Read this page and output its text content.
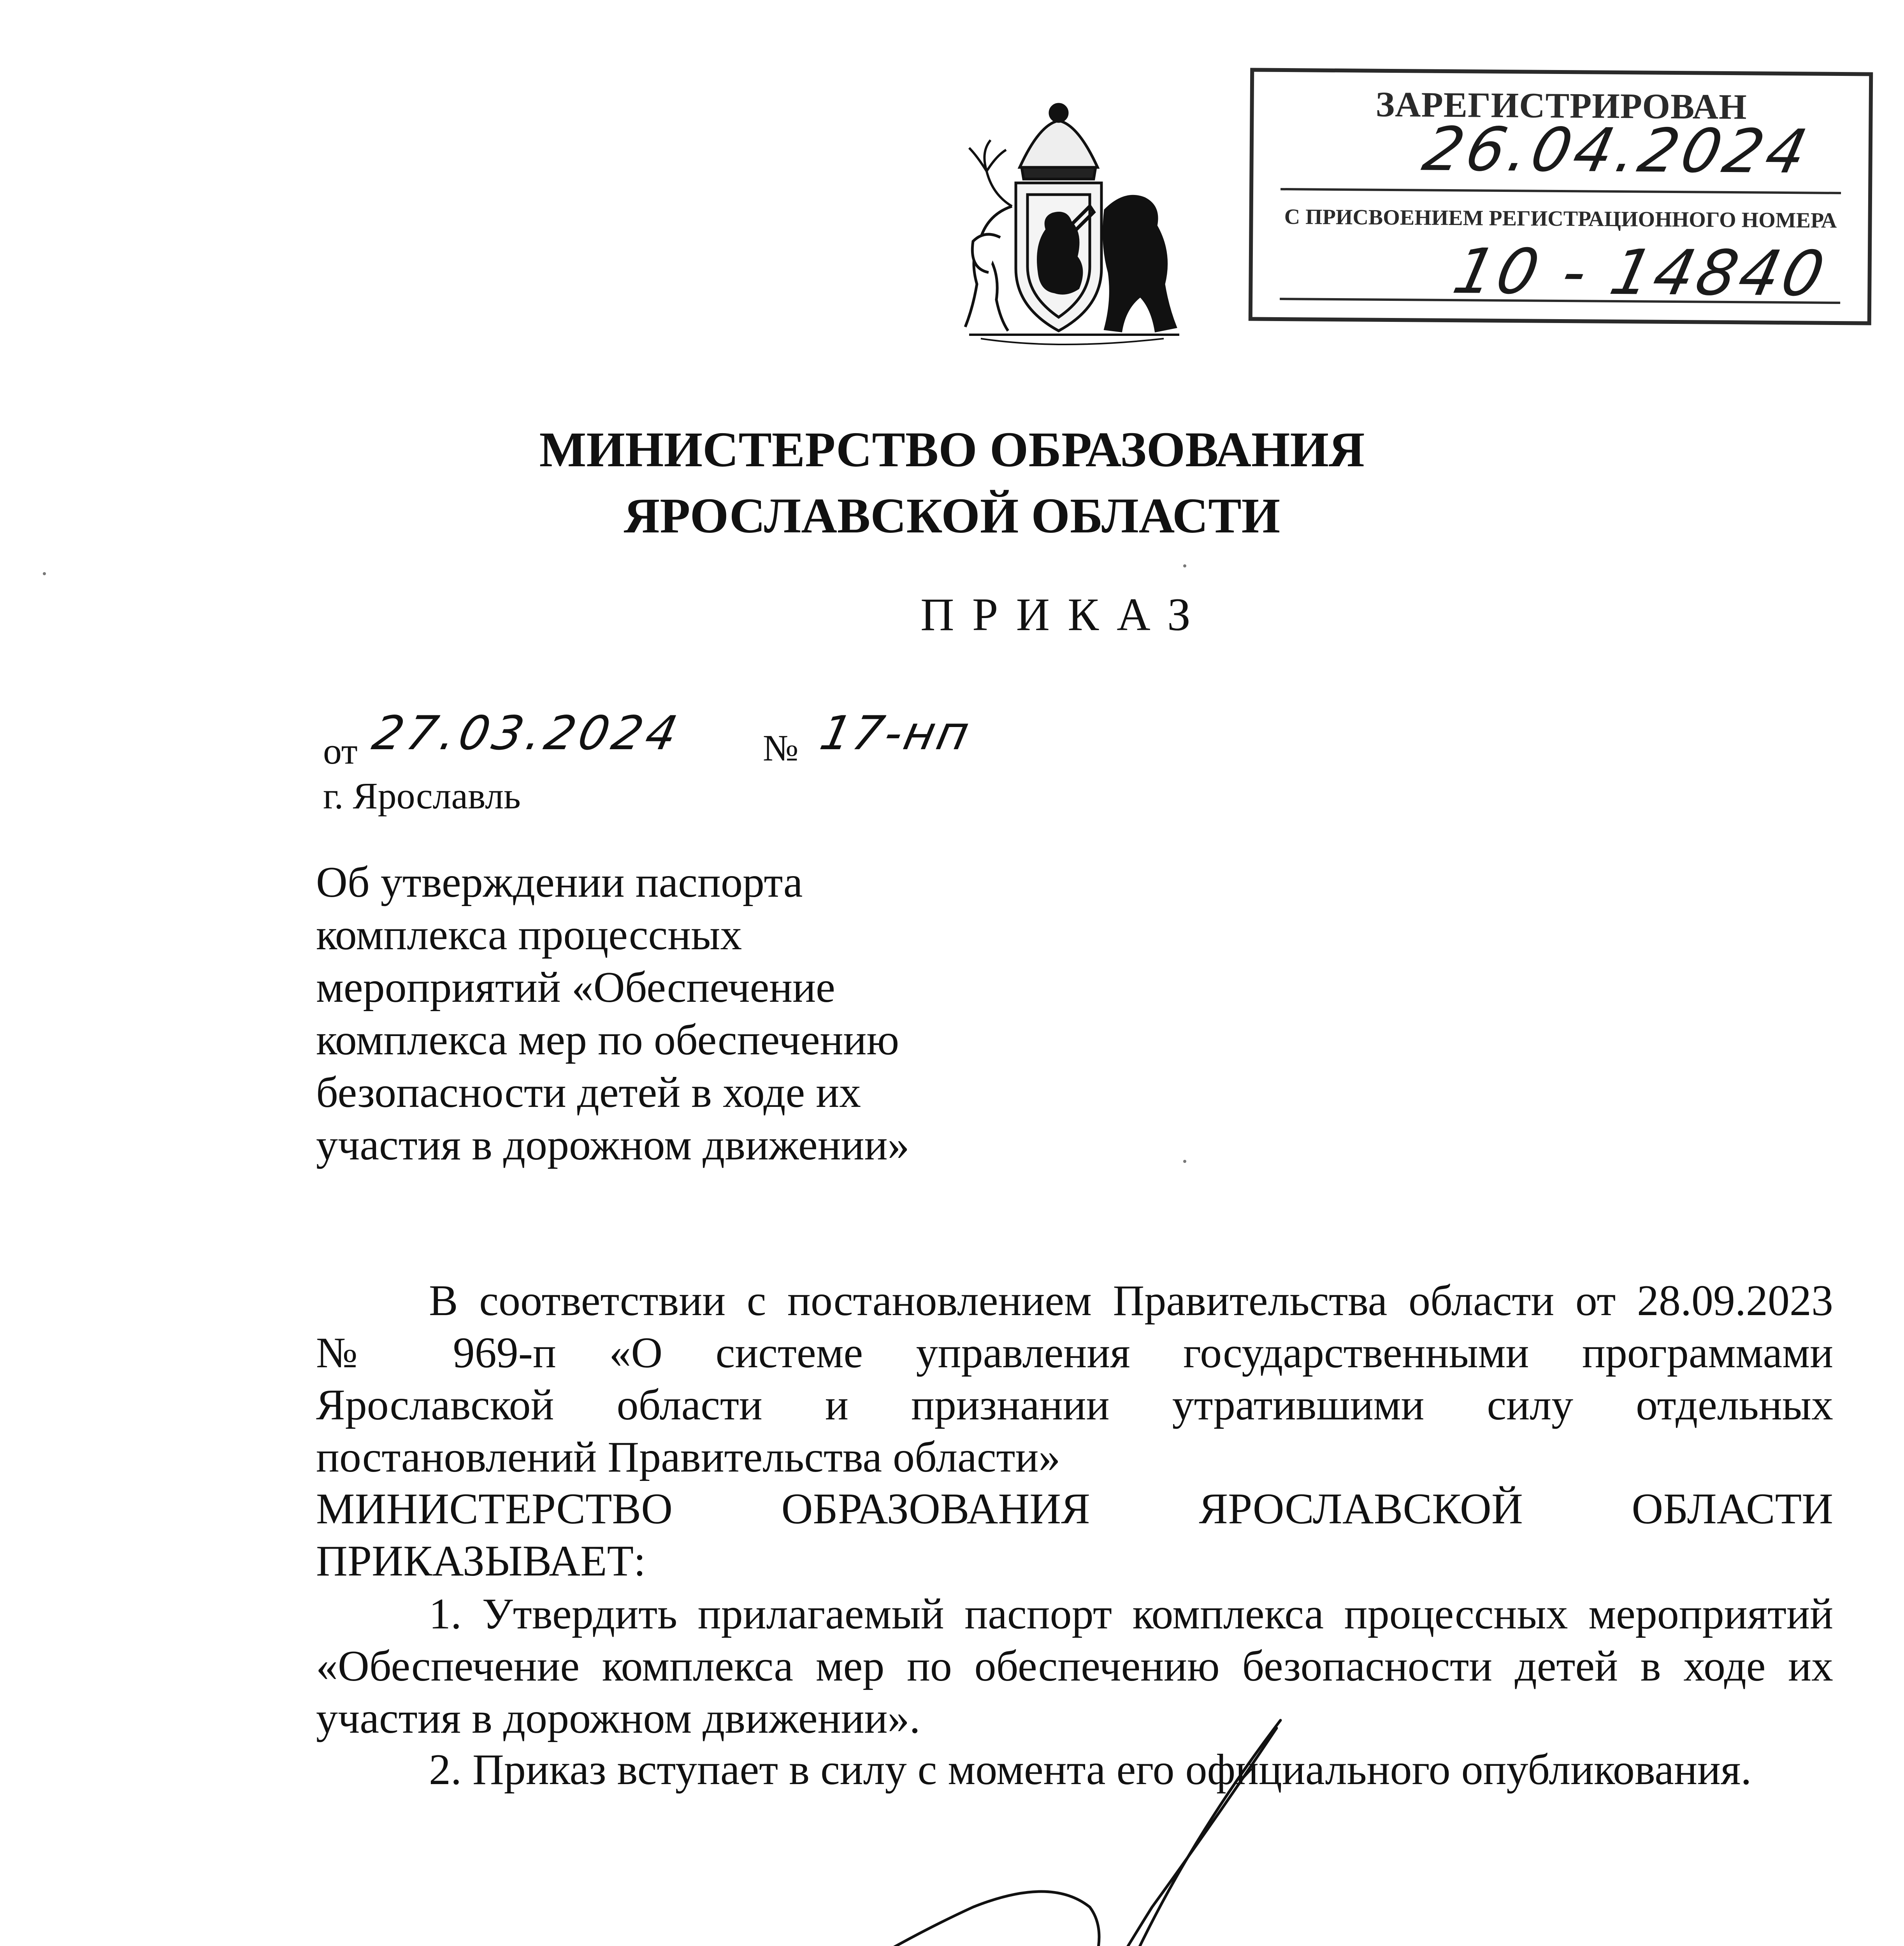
ЗАРЕГИСТРИРОВАН
26.04.2024
С ПРИСВОЕНИЕМ РЕГИСТРАЦИОННОГО НОМЕРА
10 - 14840
МИНИСТЕРСТВО ОБРАЗОВАНИЯ
ЯРОСЛАВСКОЙ ОБЛАСТИ
ПРИКАЗ
от 27.03.2024 № 17-нп
г. Ярославль
Об утверждении паспорта
комплекса процессных
мероприятий «Обеспечение
комплекса мер по обеспечению
безопасности детей в ходе их
участия в дорожном движении»
В соответствии с постановлением Правительства области от 28.09.2023
№ 969-п «О системе управления государственными программами
Ярославской области и признании утратившими силу отдельных
постановлений Правительства области»
МИНИСТЕРСТВО ОБРАЗОВАНИЯ ЯРОСЛАВСКОЙ ОБЛАСТИ
ПРИКАЗЫВАЕТ:
1. Утвердить прилагаемый паспорт комплекса процессных мероприятий
«Обеспечение комплекса мер по обеспечению безопасности детей в ходе их
участия в дорожном движении».
2. Приказ вступает в силу с момента его официального опубликования.
